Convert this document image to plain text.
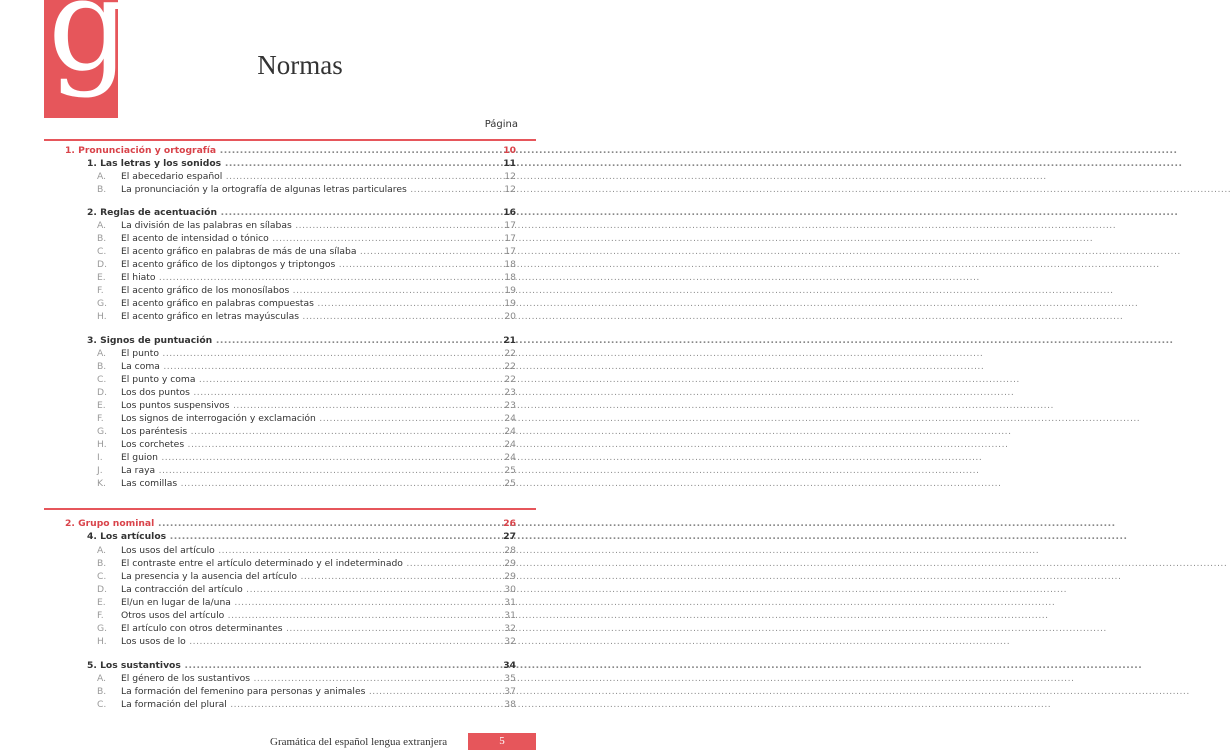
g	Normas
Página
1. Pronunciación y ortografía .....	10
1. Las letras y los sonidos .....	11
A. El abecedario español .....	12
B. La pronunciación y la ortografía de algunas letras particulares .....	12
2. Reglas de acentuación .....	16
A. La división de las palabras en sílabas .....	17
B. El acento de intensidad o tónico .....	17
C. El acento gráfico en palabras de más de una sílaba .....	17
D. El acento gráfico de los diptongos y triptongos .....	18
E. El hiato .....	18
F.	El acento gráfico de los monosílabos .....	19
G. El acento gráfico en palabras compuestas .....	19
H. El acento gráfico en letras mayúsculas .....	20
3. Signos de puntuación .....	21
A. El punto .....	22
B. La coma .....	22
C. El punto y coma .....	22
D. Los dos puntos .....	23
E. Los puntos suspensivos .....	23
F.	Los signos de interrogación y exclamación .....	24
G. Los paréntesis .....	24
H. Los corchetes .....	24
I.	El guion .....	24
J.	La raya .....	25
K. Las comillas .....	25
2. Grupo nominal .....	26
4. Los artículos .....	27
A. Los usos del artículo .....	28
B. El contraste entre el artículo determinado y el indeterminado .....	29
C. La presencia y la ausencia del artículo .....	29
D. La contracción del artículo .....	30
E. El/un en lugar de la/una .....	31
F.	Otros usos del artículo .....	31
G. El artículo con otros determinantes .....	32
H. Los usos de lo .....	32
5. Los sustantivos .....	34
A. El género de los sustantivos .....	35
B. La formación del femenino para personas y animales .....	37
C. La formación del plural .....	38
Gramática del español lengua extranjera	5
